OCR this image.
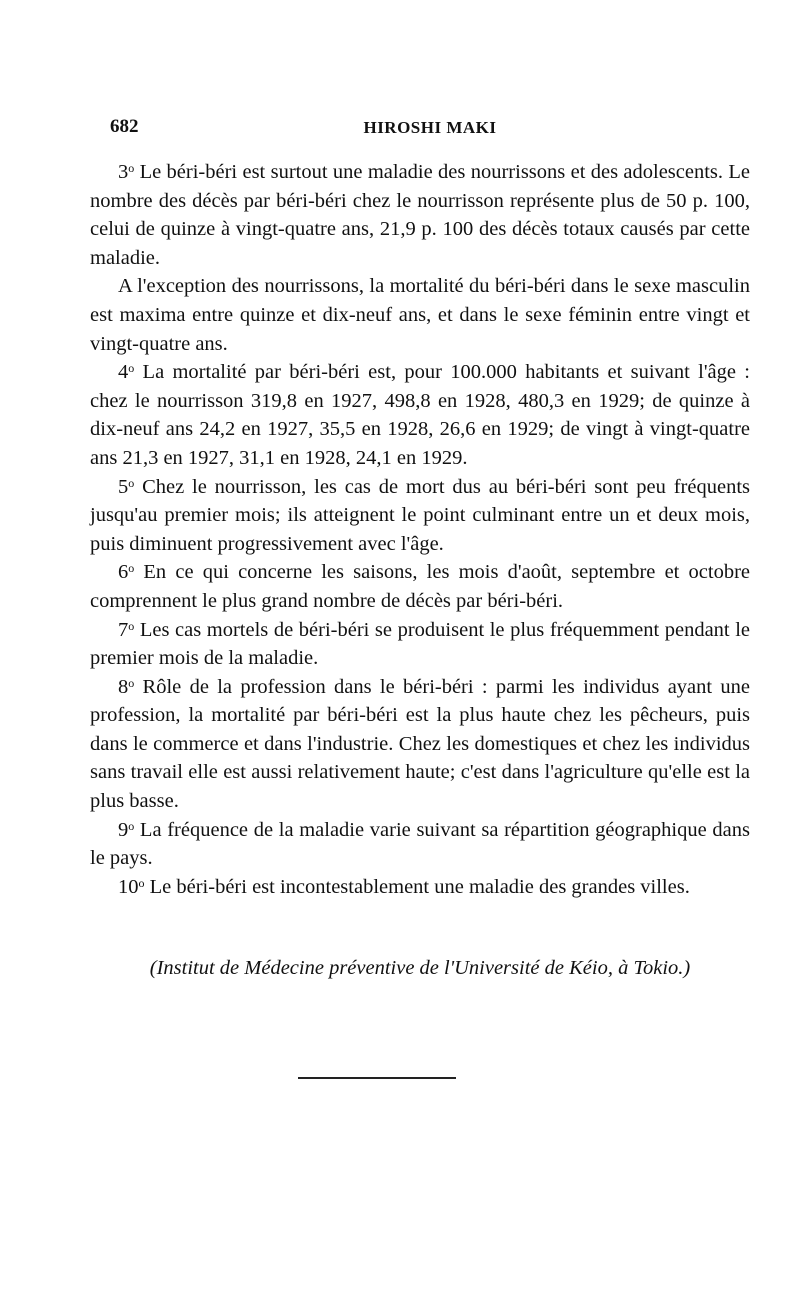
682	HIROSHI MAKI

3$^o$ Le béri-béri est surtout une maladie des nourrissons et des adolescents. Le nombre des décès par béri-béri chez le nourrisson représente plus de 50 p. 100, celui de quinze à vingt-quatre ans, 21,9 p. 100 des décès totaux causés par cette maladie.

A l'exception des nourrissons, la mortalité du béri-béri dans le sexe masculin est maxima entre quinze et dix-neuf ans, et dans le sexe féminin entre vingt et vingt-quatre ans.

4$^o$ La mortalité par béri-béri est, pour 100.000 habitants et suivant l'âge : chez le nourrisson 319,8 en 1927, 498,8 en 1928, 480,3 en 1929; de quinze à dix-neuf ans 24,2 en 1927, 35,5 en 1928, 26,6 en 1929; de vingt à vingt-quatre ans 21,3 en 1927, 31,1 en 1928, 24,1 en 1929.

5$^o$ Chez le nourrisson, les cas de mort dus au béri-béri sont peu fréquents jusqu'au premier mois; ils atteignent le point culminant entre un et deux mois, puis diminuent progressivement avec l'âge.

6$^o$ En ce qui concerne les saisons, les mois d'août, septembre et octobre comprennent le plus grand nombre de décès par béri-béri.

7$^o$ Les cas mortels de béri-béri se produisent le plus fréquemment pendant le premier mois de la maladie.

8$^o$ Rôle de la profession dans le béri-béri : parmi les individus ayant une profession, la mortalité par béri-béri est la plus haute chez les pêcheurs, puis dans le commerce et dans l'industrie. Chez les domestiques et chez les individus sans travail elle est aussi relativement haute; c'est dans l'agriculture qu'elle est la plus basse.

9$^o$ La fréquence de la maladie varie suivant sa répartition géographique dans le pays.

10$^o$ Le béri-béri est incontestablement une maladie des grandes villes.

(Institut de Médecine préventive de l'Université de Kéio, à Tokio.)
